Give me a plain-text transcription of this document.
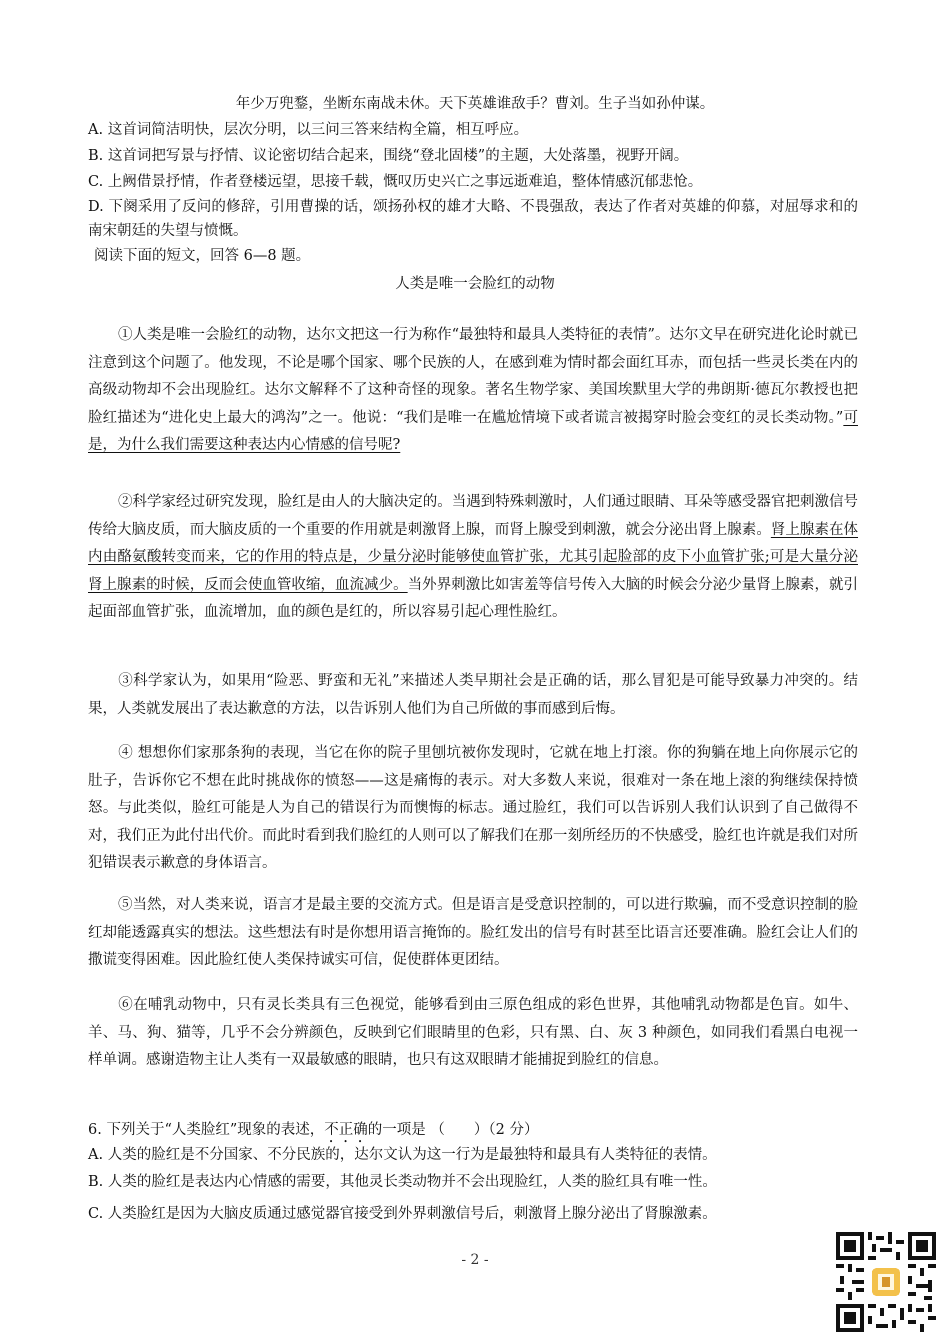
年少万兜鍪，坐断东南战未休。天下英雄谁敌手？曹刘。生子当如孙仲谋。
A. 这首词简洁明快，层次分明，以三问三答来结构全篇，相互呼应。
B. 这首词把写景与抒情、议论密切结合起来，围绕“登北固楼”的主题，大处落墨，视野开阔。
C. 上阙借景抒情，作者登楼远望，思接千载，慨叹历史兴亡之事远逝难追，整体情感沉郁悲怆。
D. 下阕采用了反问的修辞，引用曹操的话，颂扬孙权的雄才大略、不畏强敌，表达了作者对英雄的仰慕，对屈辱求和的南宋朝廷的失望与愤慨。
阅读下面的短文，回答 6—8 题。
人类是唯一会脸红的动物
①人类是唯一会脸红的动物，达尔文把这一行为称作“最独特和最具人类特征的表情”。达尔文早在研究进化论时就已注意到这个问题了。他发现，不论是哪个国家、哪个民族的人，在感到难为情时都会面红耳赤，而包括一些灵长类在内的高级动物却不会出现脸红。达尔文解释不了这种奇怪的现象。著名生物学家、美国埃默里大学的弗朗斯·德瓦尔教授也把脸红描述为“进化史上最大的鸿沟”之一。他说：“我们是唯一在尴尬情境下或者谎言被揭穿时脸会变红的灵长类动物。”可是，为什么我们需要这种表达内心情感的信号呢?
②科学家经过研究发现，脸红是由人的大脑决定的。当遇到特殊刺激时，人们通过眼睛、耳朵等感受器官把刺激信号传给大脑皮质，而大脑皮质的一个重要的作用就是刺激肾上腺，而肾上腺受到刺激，就会分泌出肾上腺素。肾上腺素在体内由酪氨酸转变而来，它的作用的特点是，少量分泌时能够使血管扩张，尤其引起脸部的皮下小血管扩张;可是大量分泌肾上腺素的时候，反而会使血管收缩，血流减少。当外界刺激比如害羞等信号传入大脑的时候会分泌少量肾上腺素，就引起面部血管扩张，血流增加，血的颜色是红的，所以容易引起心理性脸红。
③科学家认为，如果用“险恶、野蛮和无礼”来描述人类早期社会是正确的话，那么冒犯是可能导致暴力冲突的。结果，人类就发展出了表达歉意的方法，以告诉别人他们为自己所做的事而感到后悔。
④ 想想你们家那条狗的表现，当它在你的院子里刨坑被你发现时，它就在地上打滚。你的狗躺在地上向你展示它的肚子，告诉你它不想在此时挑战你的愤怒——这是痛悔的表示。对大多数人来说，很难对一条在地上滚的狗继续保持愤怒。与此类似，脸红可能是人为自己的错误行为而懊悔的标志。通过脸红，我们可以告诉别人我们认识到了自己做得不对，我们正为此付出代价。而此时看到我们脸红的人则可以了解我们在那一刻所经历的不快感受，脸红也许就是我们对所犯错误表示歉意的身体语言。
⑤当然，对人类来说，语言才是最主要的交流方式。但是语言是受意识控制的，可以进行欺骗，而不受意识控制的脸红却能透露真实的想法。这些想法有时是你想用语言掩饰的。脸红发出的信号有时甚至比语言还要准确。脸红会让人们的撒谎变得困难。因此脸红使人类保持诚实可信，促使群体更团结。
⑥在哺乳动物中，只有灵长类具有三色视觉，能够看到由三原色组成的彩色世界，其他哺乳动物都是色盲。如牛、羊、马、狗、猫等，几乎不会分辨颜色，反映到它们眼睛里的色彩，只有黑、白、灰 3 种颜色，如同我们看黑白电视一样单调。感谢造物主让人类有一双最敏感的眼睛，也只有这双眼睛才能捕捉到脸红的信息。
6. 下列关于“人类脸红”现象的表述，不正确的一项是 （　　）（2 分）
A. 人类的脸红是不分国家、不分民族的，达尔文认为这一行为是最独特和最具有人类特征的表情。
B. 人类的脸红是表达内心情感的需要，其他灵长类动物并不会出现脸红，人类的脸红具有唯一性。
C. 人类脸红是因为大脑皮质通过感觉器官接受到外界刺激信号后，刺激肾上腺分泌出了肾腺激素。
- 2 -
